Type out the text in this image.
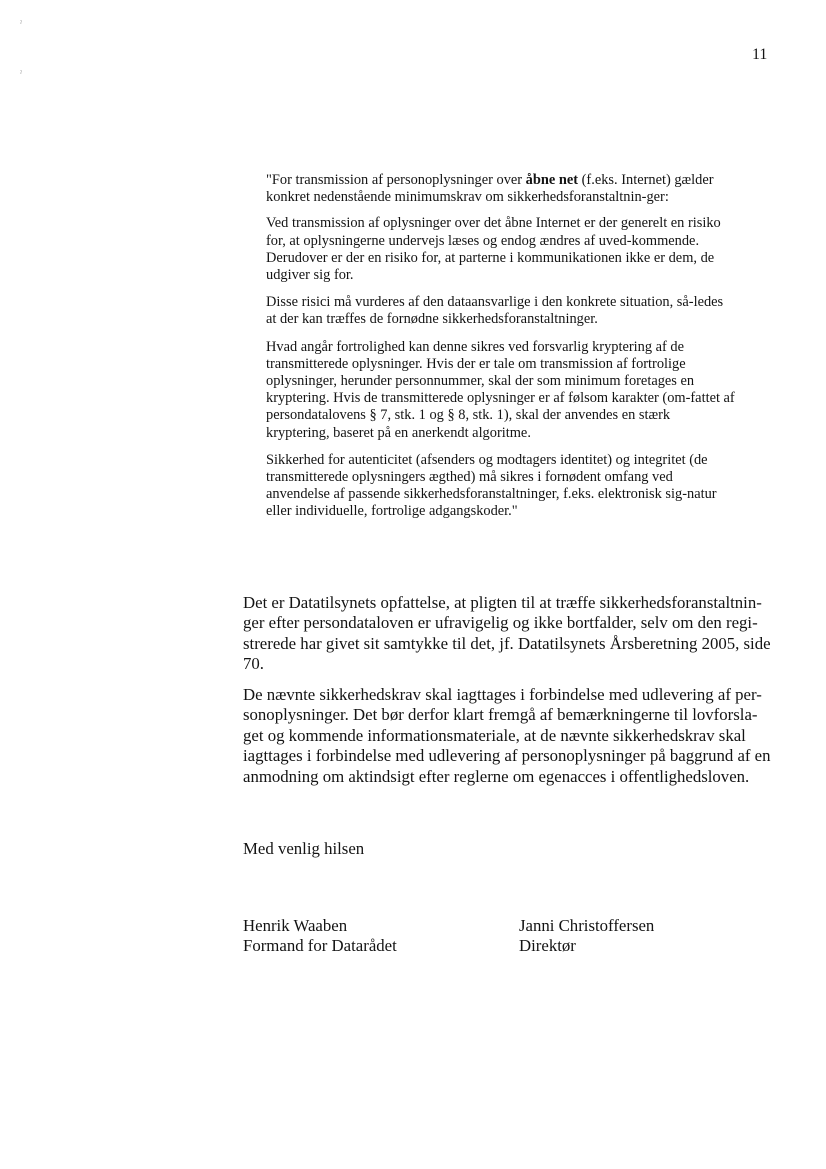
ˀ
ˀ
11

"For transmission af personoplysninger over åbne net (f.eks. Internet) gælder konkret nedenstående minimumskrav om sikkerhedsforanstaltnin-ger:

Ved transmission af oplysninger over det åbne Internet er der generelt en risiko for, at oplysningerne undervejs læses og endog ændres af uved-kommende. Derudover er der en risiko for, at parterne i kommunikationen ikke er dem, de udgiver sig for.

Disse risici må vurderes af den dataansvarlige i den konkrete situation, så-ledes at der kan træffes de fornødne sikkerhedsforanstaltninger.

Hvad angår fortrolighed kan denne sikres ved forsvarlig kryptering af de transmitterede oplysninger. Hvis der er tale om transmission af fortrolige oplysninger, herunder personnummer, skal der som minimum foretages en kryptering. Hvis de transmitterede oplysninger er af følsom karakter (om-fattet af persondatalovens § 7, stk. 1 og § 8, stk. 1), skal der anvendes en stærk kryptering, baseret på en anerkendt algoritme.

Sikkerhed for autenticitet (afsenders og modtagers identitet) og integritet (de transmitterede oplysningers ægthed) må sikres i fornødent omfang ved anvendelse af passende sikkerhedsforanstaltninger, f.eks. elektronisk sig-natur eller individuelle, fortrolige adgangskoder."

Det er Datatilsynets opfattelse, at pligten til at træffe sikkerhedsforanstaltnin-ger efter persondataloven er ufravigelig og ikke bortfalder, selv om den regi-strerede har givet sit samtykke til det, jf. Datatilsynets Årsberetning 2005, side 70.

De nævnte sikkerhedskrav skal iagttages i forbindelse med udlevering af per-sonoplysninger. Det bør derfor klart fremgå af bemærkningerne til lovforsla-get og kommende informationsmateriale, at de nævnte sikkerhedskrav skal iagttages i forbindelse med udlevering af personoplysninger på baggrund af en anmodning om aktindsigt efter reglerne om egenacces i offentlighedsloven.

Med venlig hilsen

Henrik Waaben
Formand for Datarådet
Janni Christoffersen
Direktør
